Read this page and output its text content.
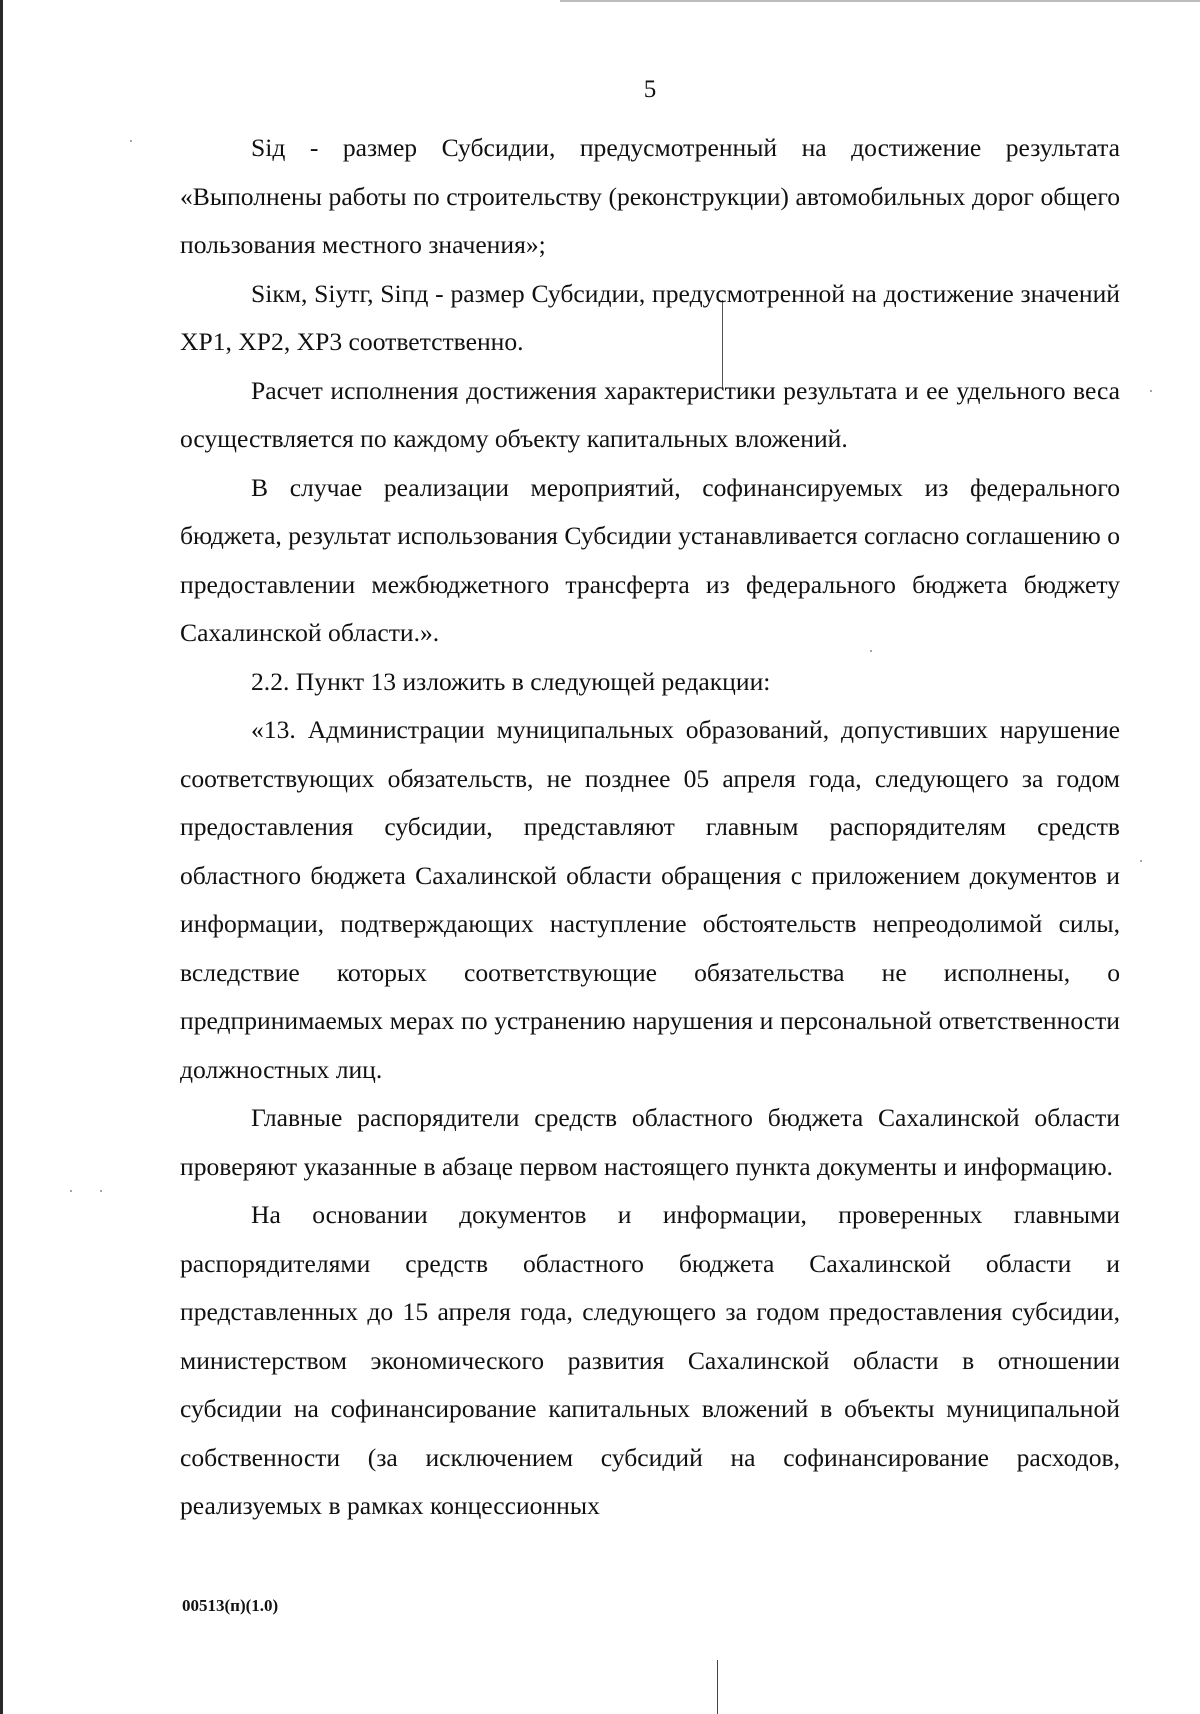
5

Siд - размер Субсидии, предусмотренный на достижение результата «Выполнены работы по строительству (реконструкции) автомобильных дорог общего пользования местного значения»;

Siкм, Siутг, Siпд - размер Субсидии, предусмотренной на достижение значений ХР1, ХР2, ХР3 соответственно.

Расчет исполнения достижения характеристики результата и ее удельного веса осуществляется по каждому объекту капитальных вложений.

В случае реализации мероприятий, софинансируемых из федерального бюджета, результат использования Субсидии устанавливается согласно соглашению о предоставлении межбюджетного трансферта из федерального бюджета бюджету Сахалинской области.».

2.2. Пункт 13 изложить в следующей редакции:

«13. Администрации муниципальных образований, допустивших нарушение соответствующих обязательств, не позднее 05 апреля года, следующего за годом предоставления субсидии, представляют главным распорядителям средств областного бюджета Сахалинской области обращения с приложением документов и информации, подтверждающих наступление обстоятельств непреодолимой силы, вследствие которых соответствующие обязательства не исполнены, о предпринимаемых мерах по устранению нарушения и персональной ответственности должностных лиц.

Главные распорядители средств областного бюджета Сахалинской области проверяют указанные в абзаце первом настоящего пункта документы и информацию.

На основании документов и информации, проверенных главными распорядителями средств областного бюджета Сахалинской области и представленных до 15 апреля года, следующего за годом предоставления субсидии, министерством экономического развития Сахалинской области в отношении субсидии на софинансирование капитальных вложений в объекты муниципальной собственности (за исключением субсидий на софинансирование расходов, реализуемых в рамках концессионных

00513(п)(1.0)
